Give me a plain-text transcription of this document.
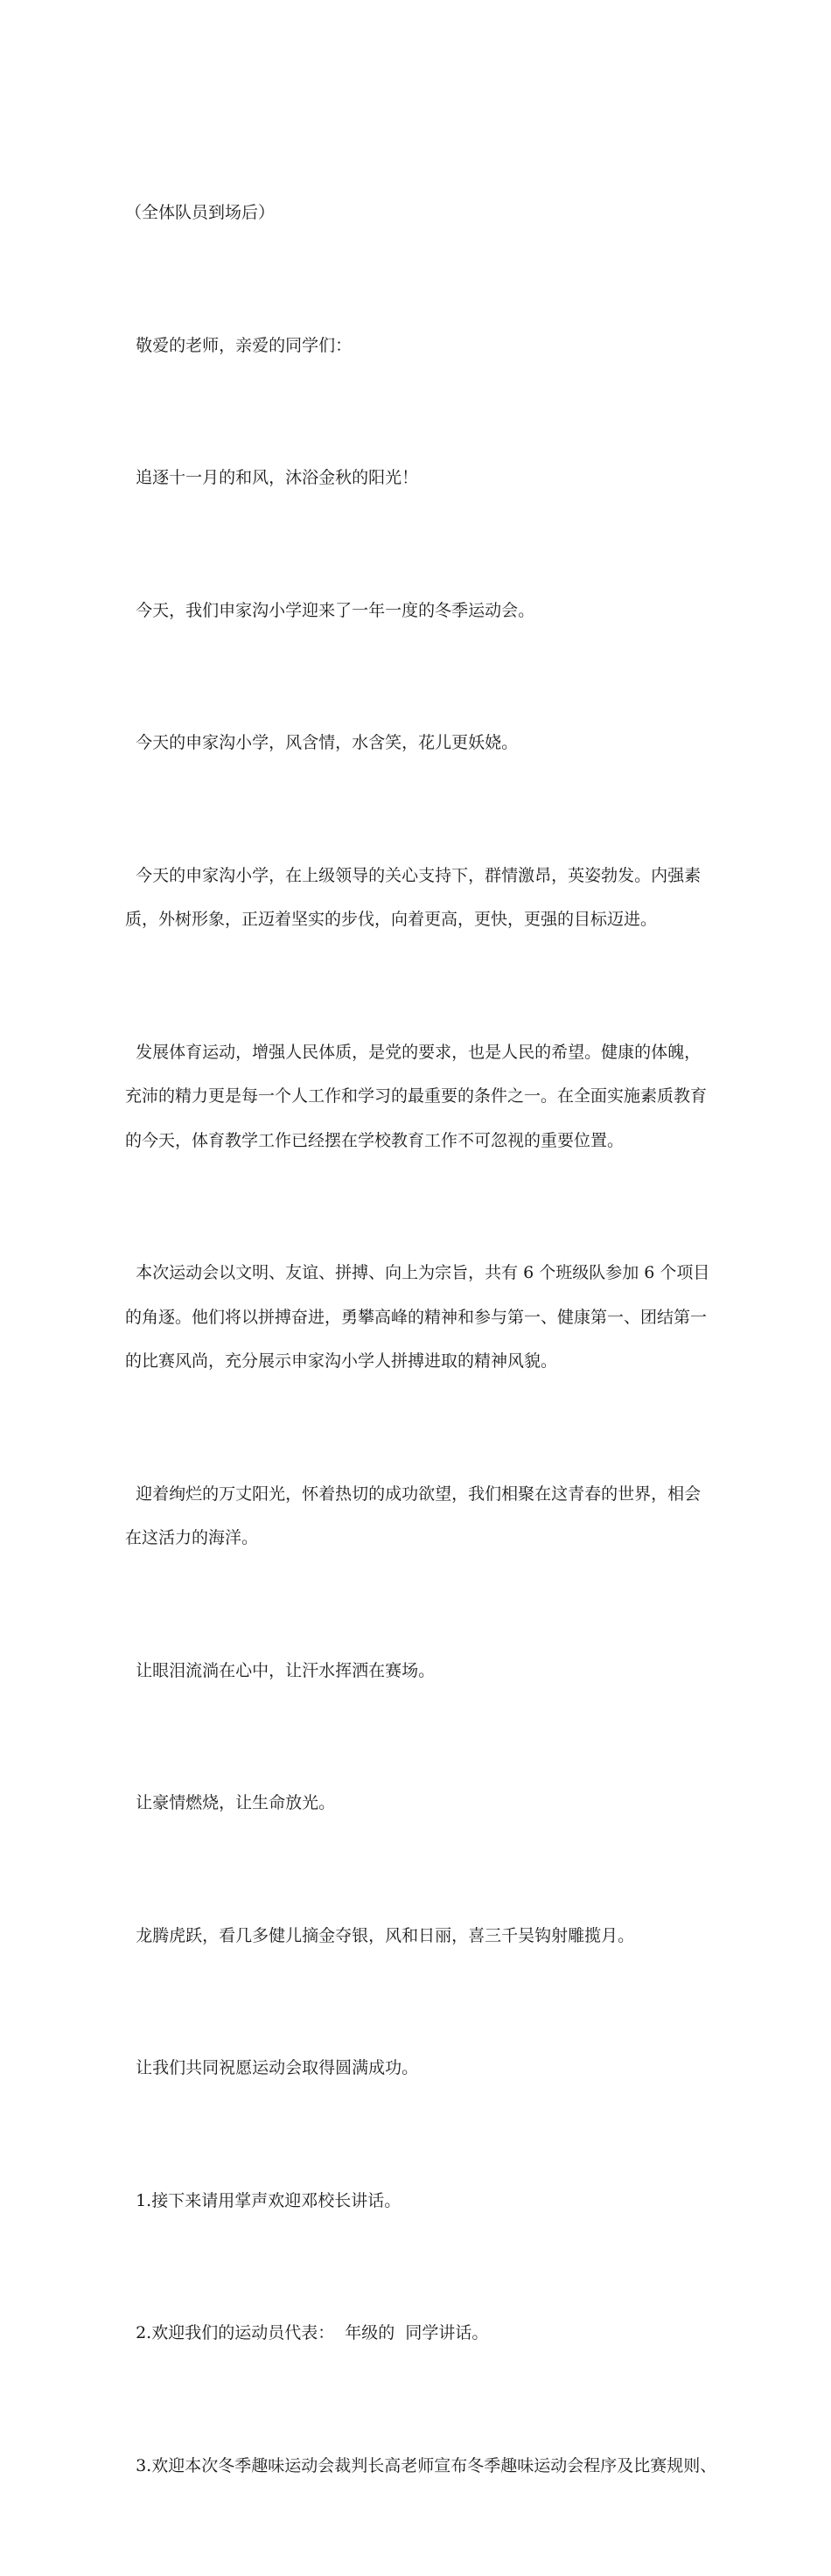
（全体队员到场后）

敬爱的老师，亲爱的同学们：

追逐十一月的和风，沐浴金秋的阳光！

今天，我们申家沟小学迎来了一年一度的冬季运动会。

今天的申家沟小学，风含情，水含笑，花儿更妖娆。

今天的申家沟小学，在上级领导的关心支持下，群情激昂，英姿勃发。内强素质，外树形象，正迈着坚实的步伐，向着更高，更快，更强的目标迈进。

发展体育运动，增强人民体质，是党的要求，也是人民的希望。健康的体魄，充沛的精力更是每一个人工作和学习的最重要的条件之一。在全面实施素质教育的今天，体育教学工作已经摆在学校教育工作不可忽视的重要位置。

本次运动会以文明、友谊、拼搏、向上为宗旨，共有 6 个班级队参加 6 个项目的角逐。他们将以拼搏奋进，勇攀高峰的精神和参与第一、健康第一、团结第一的比赛风尚，充分展示申家沟小学人拼搏进取的精神风貌。

迎着绚烂的万丈阳光，怀着热切的成功欲望，我们相聚在这青春的世界，相会在这活力的海洋。

让眼泪流淌在心中，让汗水挥洒在赛场。

让豪情燃烧，让生命放光。

龙腾虎跃，看几多健儿摘金夺银，风和日丽，喜三千吴钩射雕揽月。

让我们共同祝愿运动会取得圆满成功。

1.接下来请用掌声欢迎邓校长讲话。

2.欢迎我们的运动员代表：  年级的  同学讲话。

3.欢迎本次冬季趣味运动会裁判长高老师宣布冬季趣味运动会程序及比赛规则、
